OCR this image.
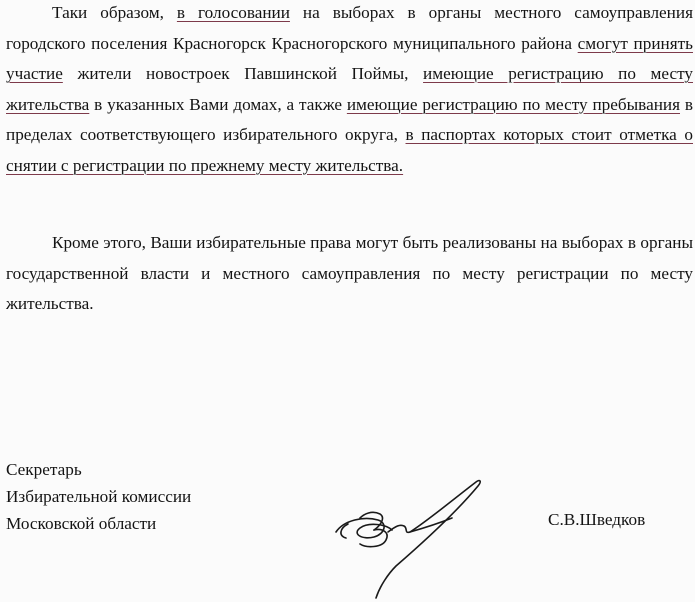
Таки образом, в голосовании на выборах в органы местного самоуправления городского поселения Красногорск Красногорского муниципального района смогут принять участие жители новостроек Павшинской Поймы, имеющие регистрацию по месту жительства в указанных Вами домах, а также имеющие регистрацию по месту пребывания в пределах соответствующего избирательного округа, в паспортах которых стоит отметка о снятии с регистрации по прежнему месту жительства.

Кроме этого, Ваши избирательные права могут быть реализованы на выборах в органы государственной власти и местного самоуправления по месту регистрации по месту жительства.

Секретарь
Избирательной комиссии
Московской области	С.В.Шведков
